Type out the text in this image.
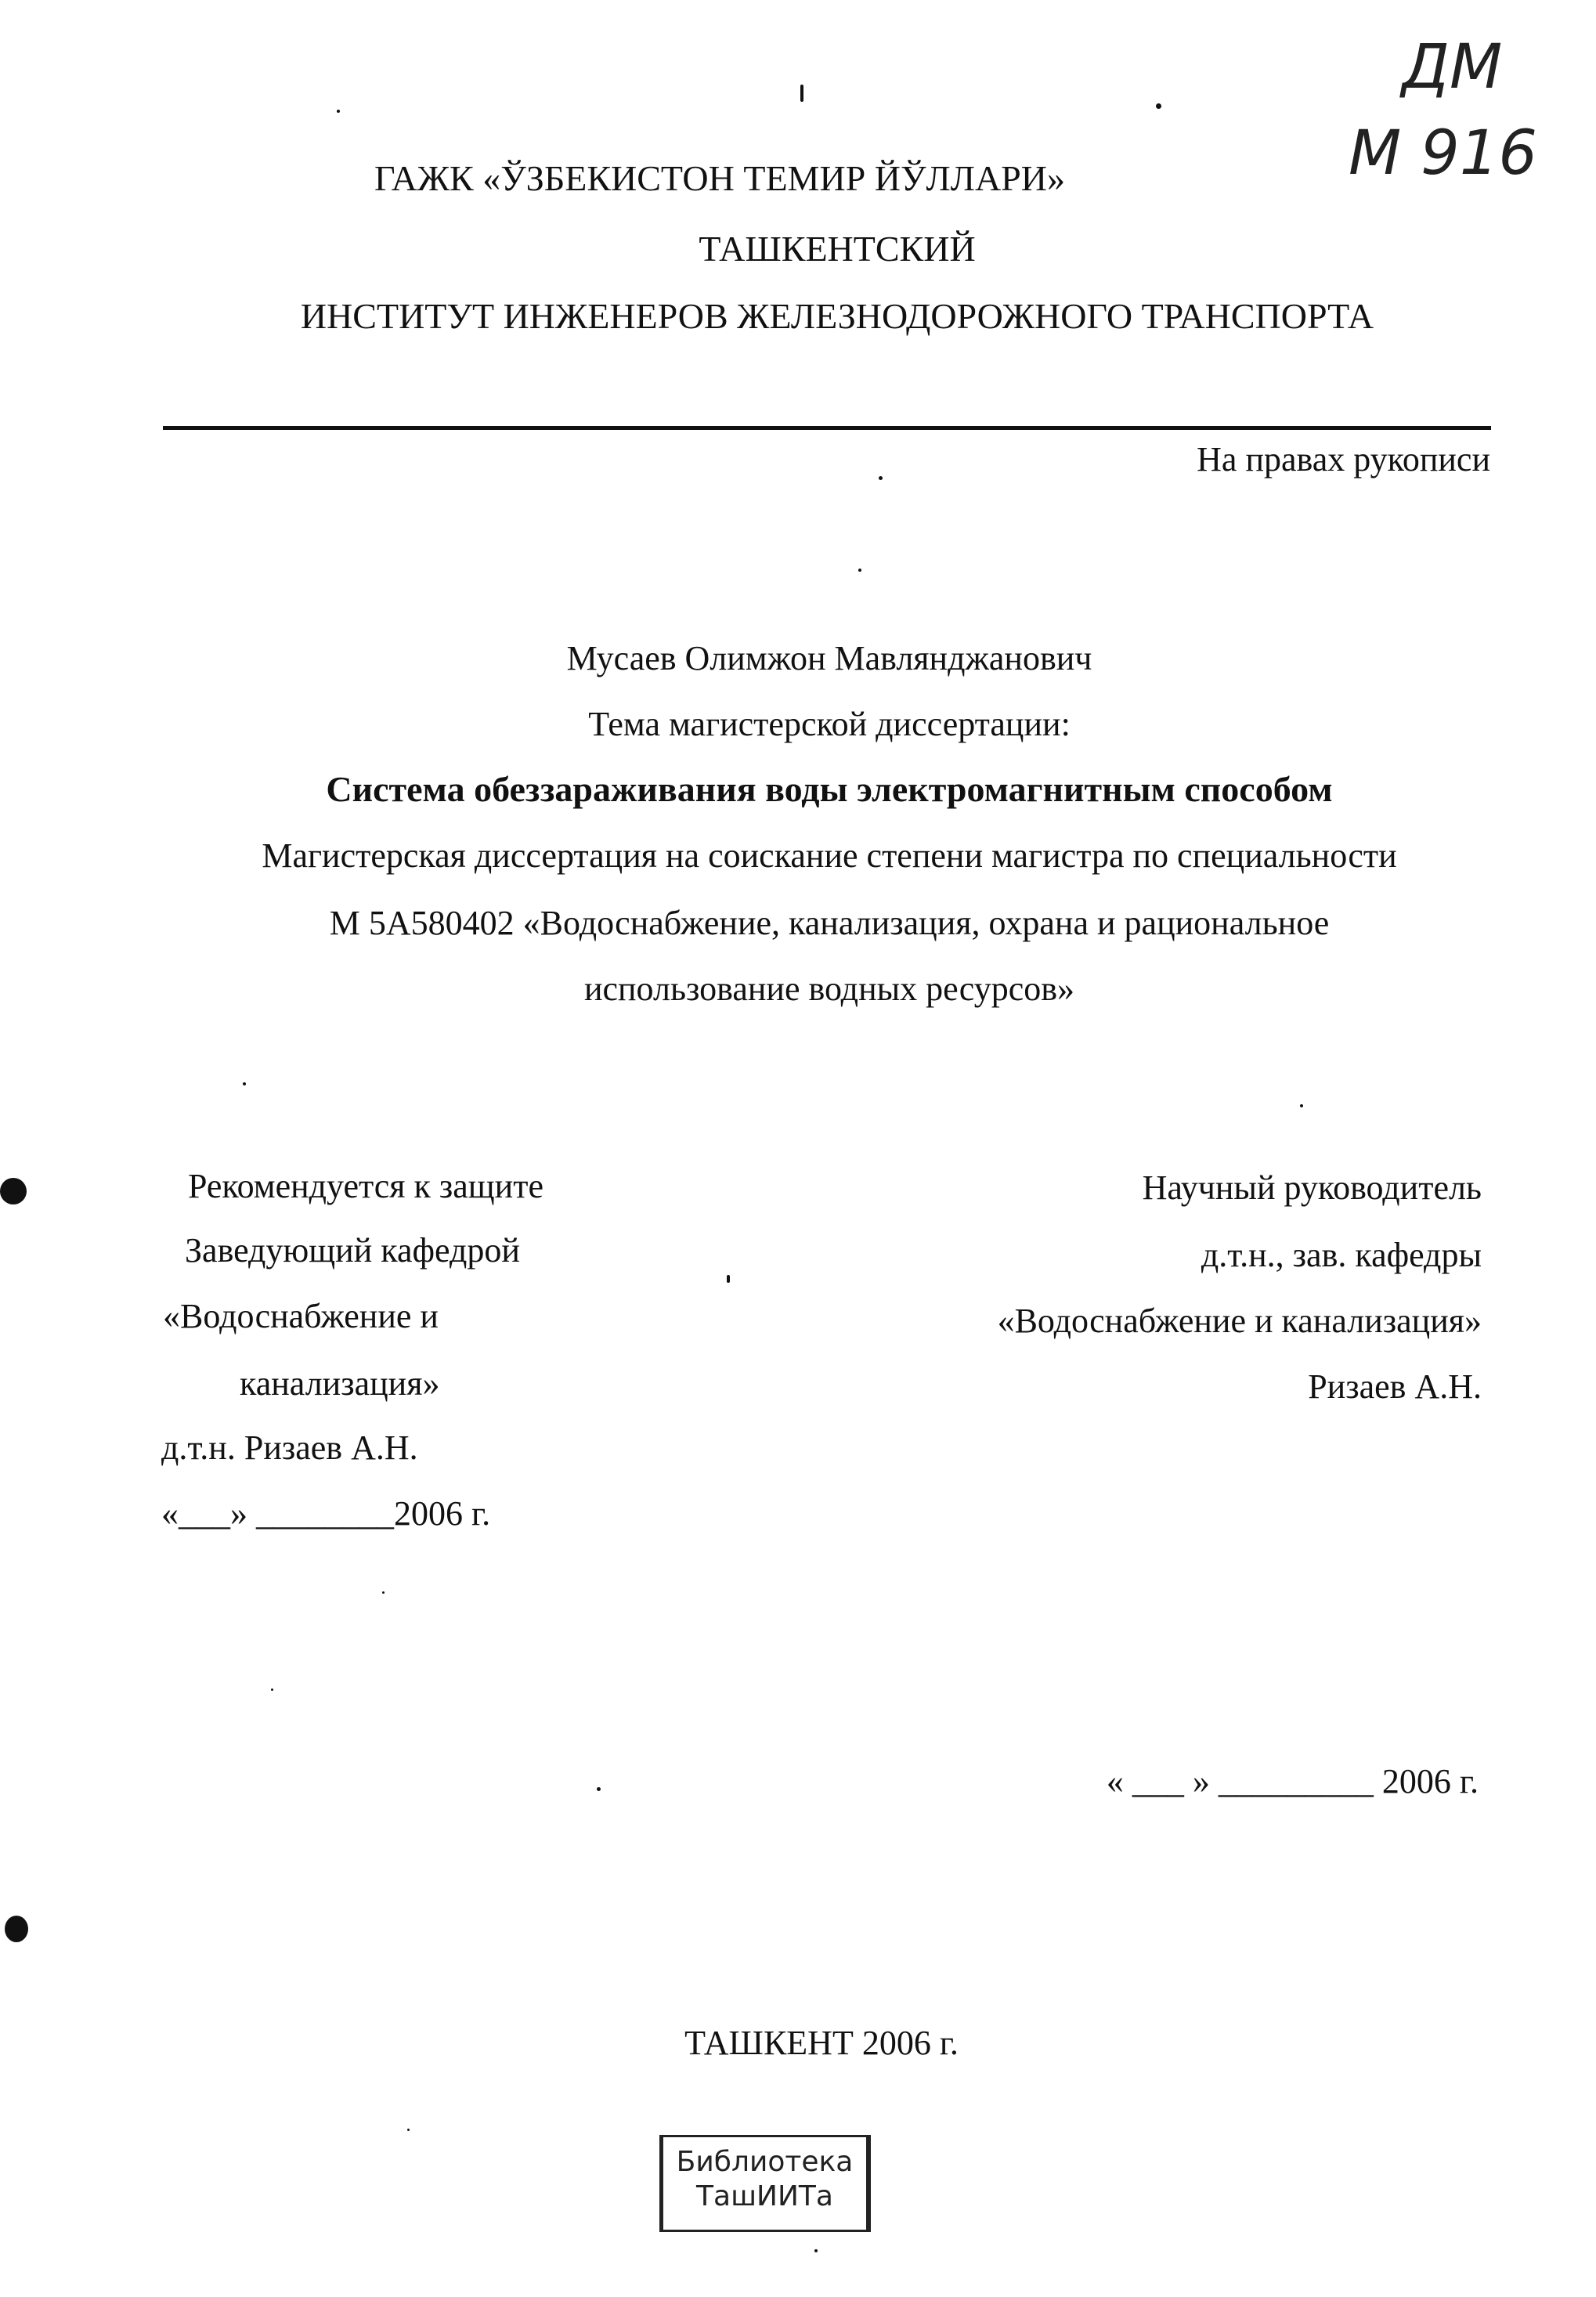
ДМ
М 916
ГАЖК «ЎЗБЕКИСТОН ТЕМИР ЙЎЛЛАРИ»
ТАШКЕНТСКИЙ
ИНСТИТУТ ИНЖЕНЕРОВ ЖЕЛЕЗНОДОРОЖНОГО ТРАНСПОРТА
На правах рукописи
Мусаев Олимжон Мавлянджанович
Тема магистерской диссертации:
Система обеззараживания воды электромагнитным способом
Магистерская диссертация на соискание степени магистра по специальности
М 5А580402 «Водоснабжение, канализация, охрана и рациональное
использование водных ресурсов»
Рекомендуется к защите
Заведующий кафедрой
«Водоснабжение и
канализация»
д.т.н. Ризаев А.Н.
«___» ________2006 г.
Научный руководитель
д.т.н., зав. кафедры
«Водоснабжение и канализация»
Ризаев А.Н.
« ___ » _________ 2006 г.
ТАШКЕНТ 2006 г.
Библиотека
ТашИИТа
